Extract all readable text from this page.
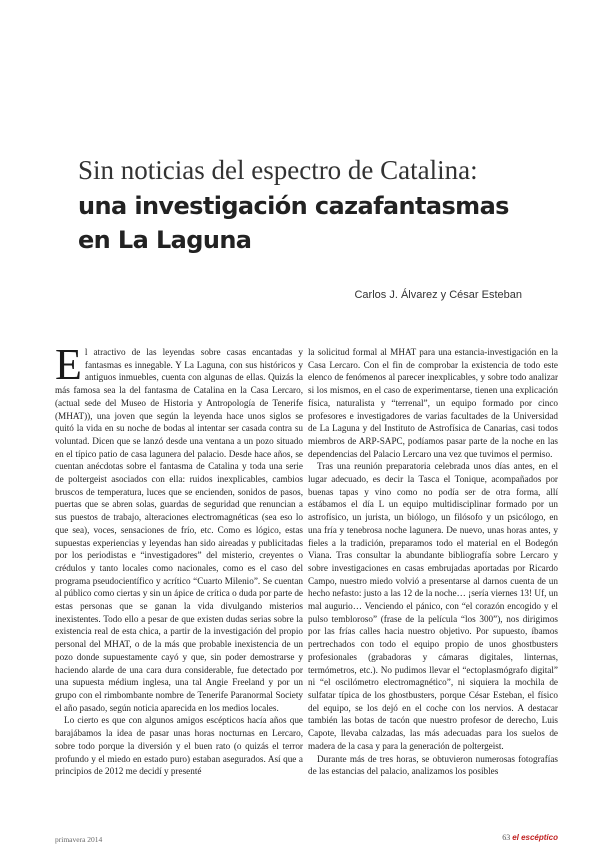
Sin noticias del espectro de Catalina:
una investigación cazafantasmas
en La Laguna
Carlos J. Álvarez y César Esteban

El atractivo de las leyendas sobre casas encantadas y fantasmas es innegable. Y La Laguna, con sus históricos y antiguos inmuebles, cuenta con algunas de ellas. Quizás la más famosa sea la del fantasma de Catalina en la Casa Lercaro, (actual sede del Museo de Historia y Antropología de Tenerife (MHAT)), una joven que según la leyenda hace unos siglos se quitó la vida en su noche de bodas al intentar ser casada contra su voluntad. Dicen que se lanzó desde una ventana a un pozo situado en el típico patio de casa lagunera del palacio. Desde hace años, se cuentan anécdotas sobre el fantasma de Catalina y toda una serie de poltergeist asociados con ella: ruidos inexplicables, cambios bruscos de temperatura, luces que se encienden, sonidos de pasos, puertas que se abren solas, guardas de seguridad que renuncian a sus puestos de trabajo, alteraciones electromagnéticas (sea eso lo que sea), voces, sensaciones de frío, etc. Como es lógico, estas supuestas experiencias y leyendas han sido aireadas y publicitadas por los periodistas e “investigadores” del misterio, creyentes o crédulos y tanto locales como nacionales, como es el caso del programa pseudocientífico y acrítico “Cuarto Milenio”. Se cuentan al público como ciertas y sin un ápice de crítica o duda por parte de estas personas que se ganan la vida divulgando misterios inexistentes. Todo ello a pesar de que existen dudas serias sobre la existencia real de esta chica, a partir de la investigación del propio personal del MHAT, o de la más que probable inexistencia de un pozo donde supuestamente cayó y que, sin poder demostrarse y haciendo alarde de una cara dura considerable, fue detectado por una supuesta médium inglesa, una tal Angie Freeland y por un grupo con el rimbombante nombre de Tenerife Paranormal Society el año pasado, según noticia aparecida en los medios locales.

Lo cierto es que con algunos amigos escépticos hacía años que barajábamos la idea de pasar unas horas nocturnas en Lercaro, sobre todo porque la diversión y el buen rato (o quizás el terror profundo y el miedo en estado puro) estaban asegurados. Así que a principios de 2012 me decidí y presenté

la solicitud formal al MHAT para una estancia-investigación en la Casa Lercaro. Con el fin de comprobar la existencia de todo este elenco de fenómenos al parecer inexplicables, y sobre todo analizar si los mismos, en el caso de experimentarse, tienen una explicación física, naturalista y “terrenal”, un equipo formado por cinco profesores e investigadores de varias facultades de la Universidad de La Laguna y del Instituto de Astrofísica de Canarias, casi todos miembros de ARP-SAPC, podíamos pasar parte de la noche en las dependencias del Palacio Lercaro una vez que tuvimos el permiso.

Tras una reunión preparatoria celebrada unos días antes, en el lugar adecuado, es decir la Tasca el Tonique, acompañados por buenas tapas y vino como no podía ser de otra forma, allí estábamos el día L un equipo multidisciplinar formado por un astrofísico, un jurista, un biólogo, un filósofo y un psicólogo, en una fría y tenebrosa noche lagunera. De nuevo, unas horas antes, y fieles a la tradición, preparamos todo el material en el Bodegón Viana. Tras consultar la abundante bibliografía sobre Lercaro y sobre investigaciones en casas embrujadas aportadas por Ricardo Campo, nuestro miedo volvió a presentarse al darnos cuenta de un hecho nefasto: justo a las 12 de la noche… ¡sería viernes 13! Uf, un mal augurio… Venciendo el pánico, con “el corazón encogido y el pulso tembloroso” (frase de la película “los 300”), nos dirigimos por las frías calles hacia nuestro objetivo. Por supuesto, íbamos pertrechados con todo el equipo propio de unos ghostbusters profesionales (grabadoras y cámaras digitales, linternas, termómetros, etc.). No pudimos llevar el “ectoplasmógrafo digital” ni “el oscilómetro electromagnético”, ni siquiera la mochila de sulfatar típica de los ghostbusters, porque César Esteban, el físico del equipo, se los dejó en el coche con los nervios. A destacar también las botas de tacón que nuestro profesor de derecho, Luis Capote, llevaba calzadas, las más adecuadas para los suelos de madera de la casa y para la generación de poltergeist.

Durante más de tres horas, se obtuvieron numerosas fotografías de las estancias del palacio, analizamos los posibles

primavera 2014	63 el escéptico
